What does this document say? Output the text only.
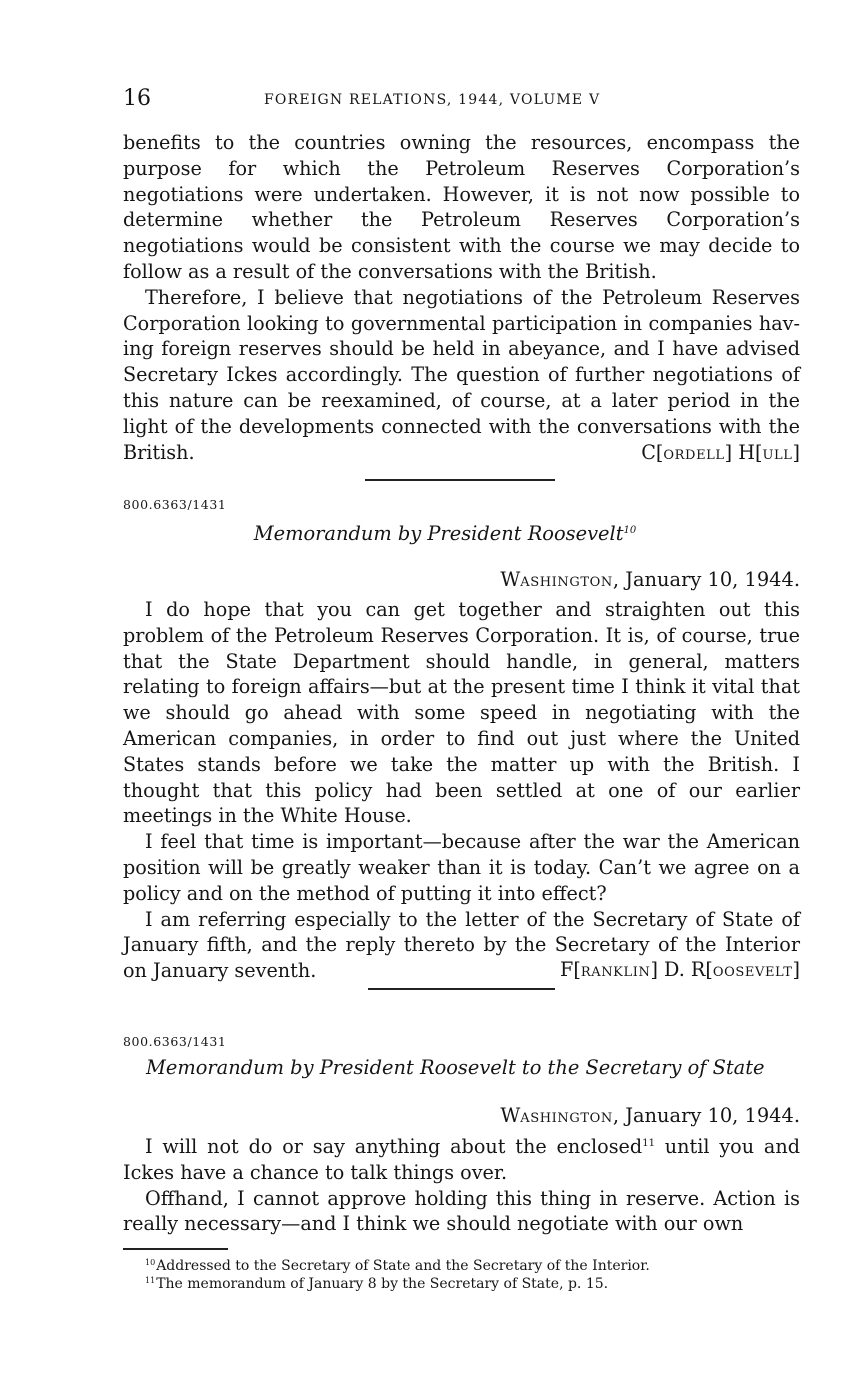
16	FOREIGN RELATIONS, 1944, VOLUME V

benefits to the countries owning the resources, encompass the purpose for which the Petroleum Reserves Corporation’s negotiations were undertaken. However, it is not now possible to determine whether the Petroleum Reserves Corporation’s negotiations would be consistent with the course we may decide to follow as a result of the conversations with the British.

Therefore, I believe that negotiations of the Petroleum Reserves Corporation looking to governmental participation in companies having foreign reserves should be held in abeyance, and I have advised Secretary Ickes accordingly. The question of further negotiations of this nature can be reexamined, of course, at a later period in the light of the developments connected with the conversations with the British.	C[ORDELL] H[ULL]
800.6363/1431
Memorandum by President Roosevelt$^{10}$
WASHINGTON, January 10, 1944.

I do hope that you can get together and straighten out this problem of the Petroleum Reserves Corporation. It is, of course, true that the State Department should handle, in general, matters relating to foreign affairs—but at the present time I think it vital that we should go ahead with some speed in negotiating with the American companies, in order to find out just where the United States stands before we take the matter up with the British. I thought that this policy had been settled at one of our earlier meetings in the White House.

I feel that time is important—because after the war the American position will be greatly weaker than it is today. Can’t we agree on a policy and on the method of putting it into effect?

I am referring especially to the letter of the Secretary of State of January fifth, and the reply thereto by the Secretary of the Interior on January seventh.	F[RANKLIN] D. R[OOSEVELT]
800.6363/1431
Memorandum by President Roosevelt to the Secretary of State
WASHINGTON, January 10, 1944.

I will not do or say anything about the enclosed$^{11}$ until you and Ickes have a chance to talk things over.

Offhand, I cannot approve holding this thing in reserve. Action is really necessary—and I think we should negotiate with our own

$^{10}$Addressed to the Secretary of State and the Secretary of the Interior.
$^{11}$The memorandum of January 8 by the Secretary of State, p. 15.
